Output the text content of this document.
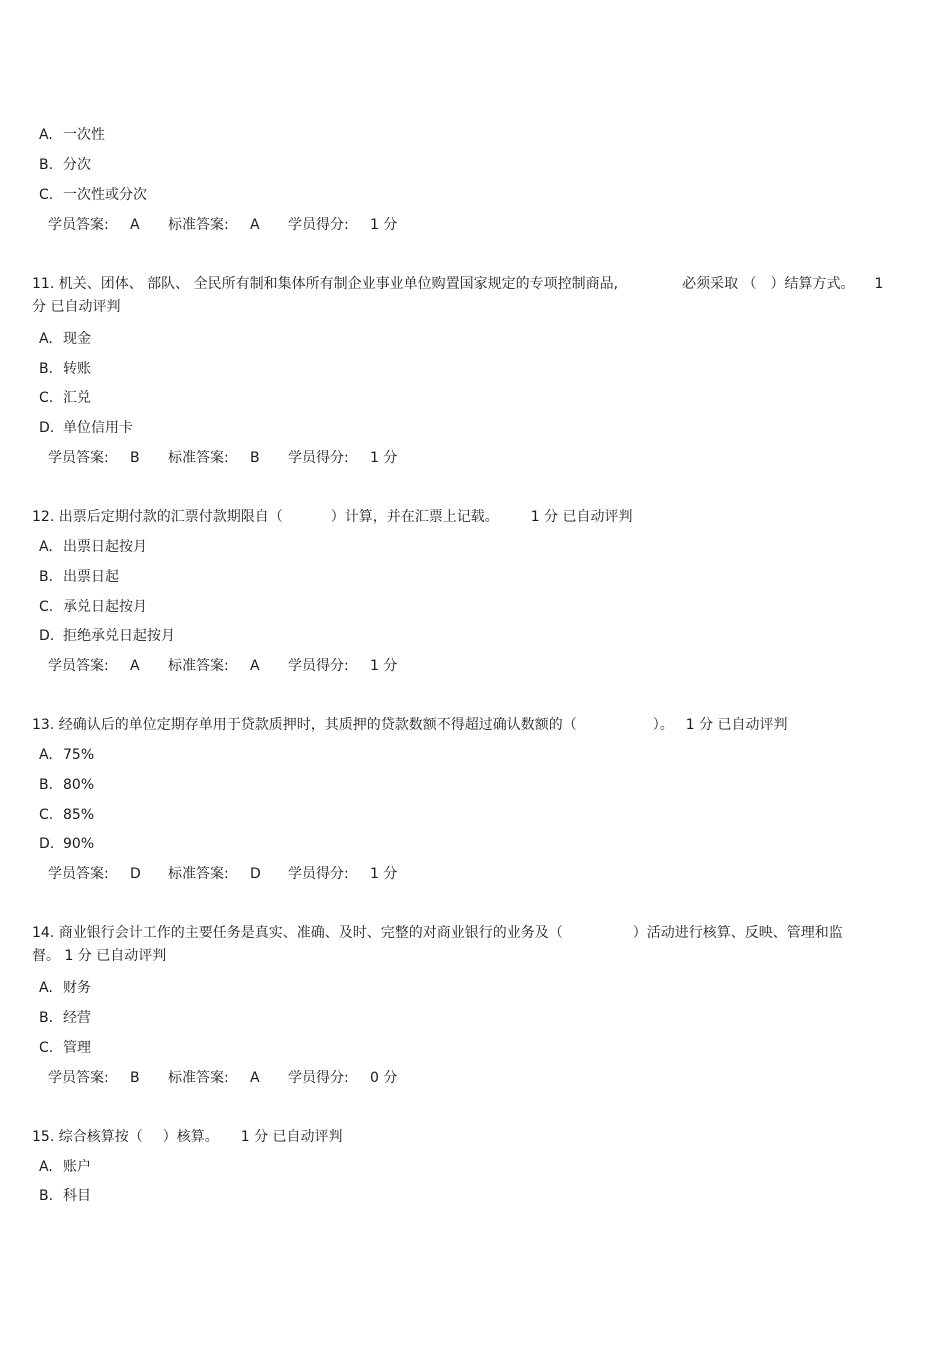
A. 一次性
B. 分次
C. 一次性或分次
学员答案: A 标准答案: A 学员得分: 1 分
11. 机关、团体、 部队、 全民所有制和集体所有制企业事业单位购置国家规定的专项控制商品,	必须采取 （　）结算方式。 1
分 已自动评判
A. 现金
B. 转账
C. 汇兑
D. 单位信用卡
学员答案: B 标准答案: B 学员得分: 1 分
12. 出票后定期付款的汇票付款期限自（	）计算，并在汇票上记载。 1 分 已自动评判
A. 出票日起按月
B. 出票日起
C. 承兑日起按月
D. 拒绝承兑日起按月
学员答案: A 标准答案: A 学员得分: 1 分
13. 经确认后的单位定期存单用于贷款质押时，其质押的贷款数额不得超过确认数额的（	）。 1 分 已自动评判
A. 75%
B. 80%
C. 85%
D. 90%
学员答案: D 标准答案: D 学员得分: 1 分
14. 商业银行会计工作的主要任务是真实、准确、及时、完整的对商业银行的业务及（	）活动进行核算、反映、管理和监
督。 1 分 已自动评判
A. 财务
B. 经营
C. 管理
学员答案: B 标准答案: A 学员得分: 0 分
15. 综合核算按（ ）核算。 1 分 已自动评判
A. 账户
B. 科目
